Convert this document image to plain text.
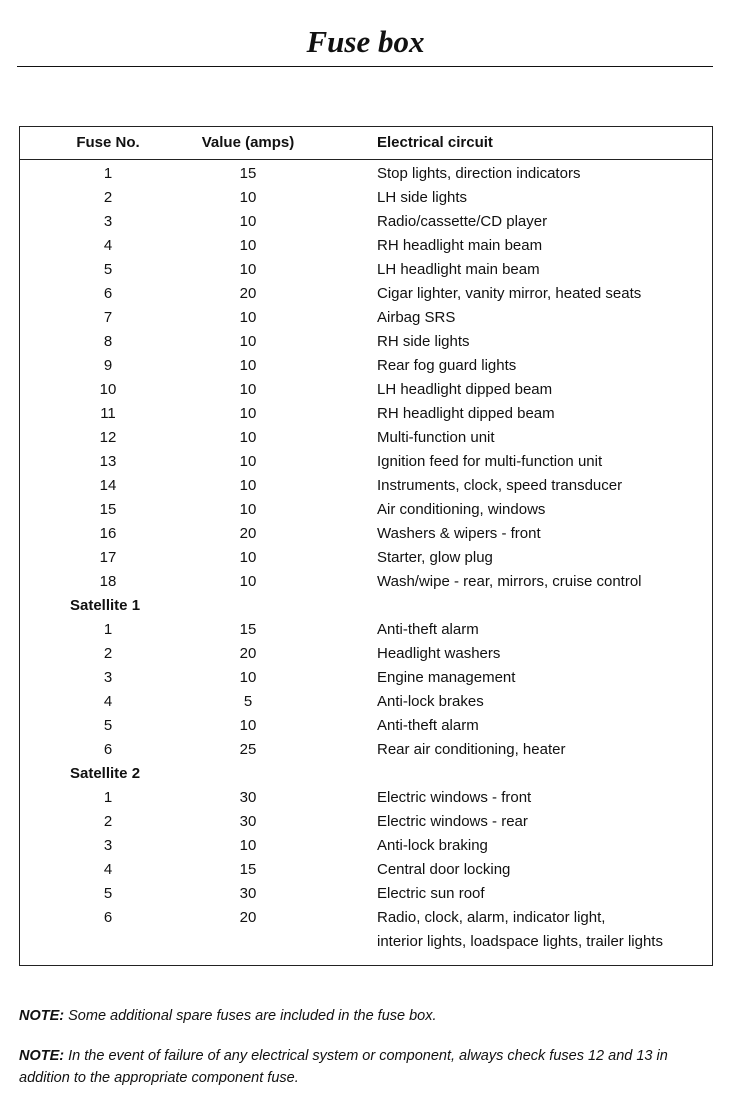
Fuse box
Fuse No.	Value (amps)	Electrical circuit
1	15	Stop lights, direction indicators
2	10	LH side lights
3	10	Radio/cassette/CD player
4	10	RH headlight main beam
5	10	LH headlight main beam
6	20	Cigar lighter, vanity mirror, heated seats
7	10	Airbag SRS
8	10	RH side lights
9	10	Rear fog guard lights
10	10	LH headlight dipped beam
11	10	RH headlight dipped beam
12	10	Multi-function unit
13	10	Ignition feed for multi-function unit
14	10	Instruments, clock, speed transducer
15	10	Air conditioning, windows
16	20	Washers & wipers - front
17	10	Starter, glow plug
18	10	Wash/wipe - rear, mirrors, cruise control
Satellite 1
1	15	Anti-theft alarm
2	20	Headlight washers
3	10	Engine management
4	5	Anti-lock brakes
5	10	Anti-theft alarm
6	25	Rear air conditioning, heater
Satellite 2
1	30	Electric windows - front
2	30	Electric windows - rear
3	10	Anti-lock braking
4	15	Central door locking
5	30	Electric sun roof
6	20	Radio, clock, alarm, indicator light,
interior lights, loadspace lights, trailer lights

NOTE: Some additional spare fuses are included in the fuse box.

NOTE: In the event of failure of any electrical system or component, always check fuses 12 and 13 in addition to the appropriate component fuse.
